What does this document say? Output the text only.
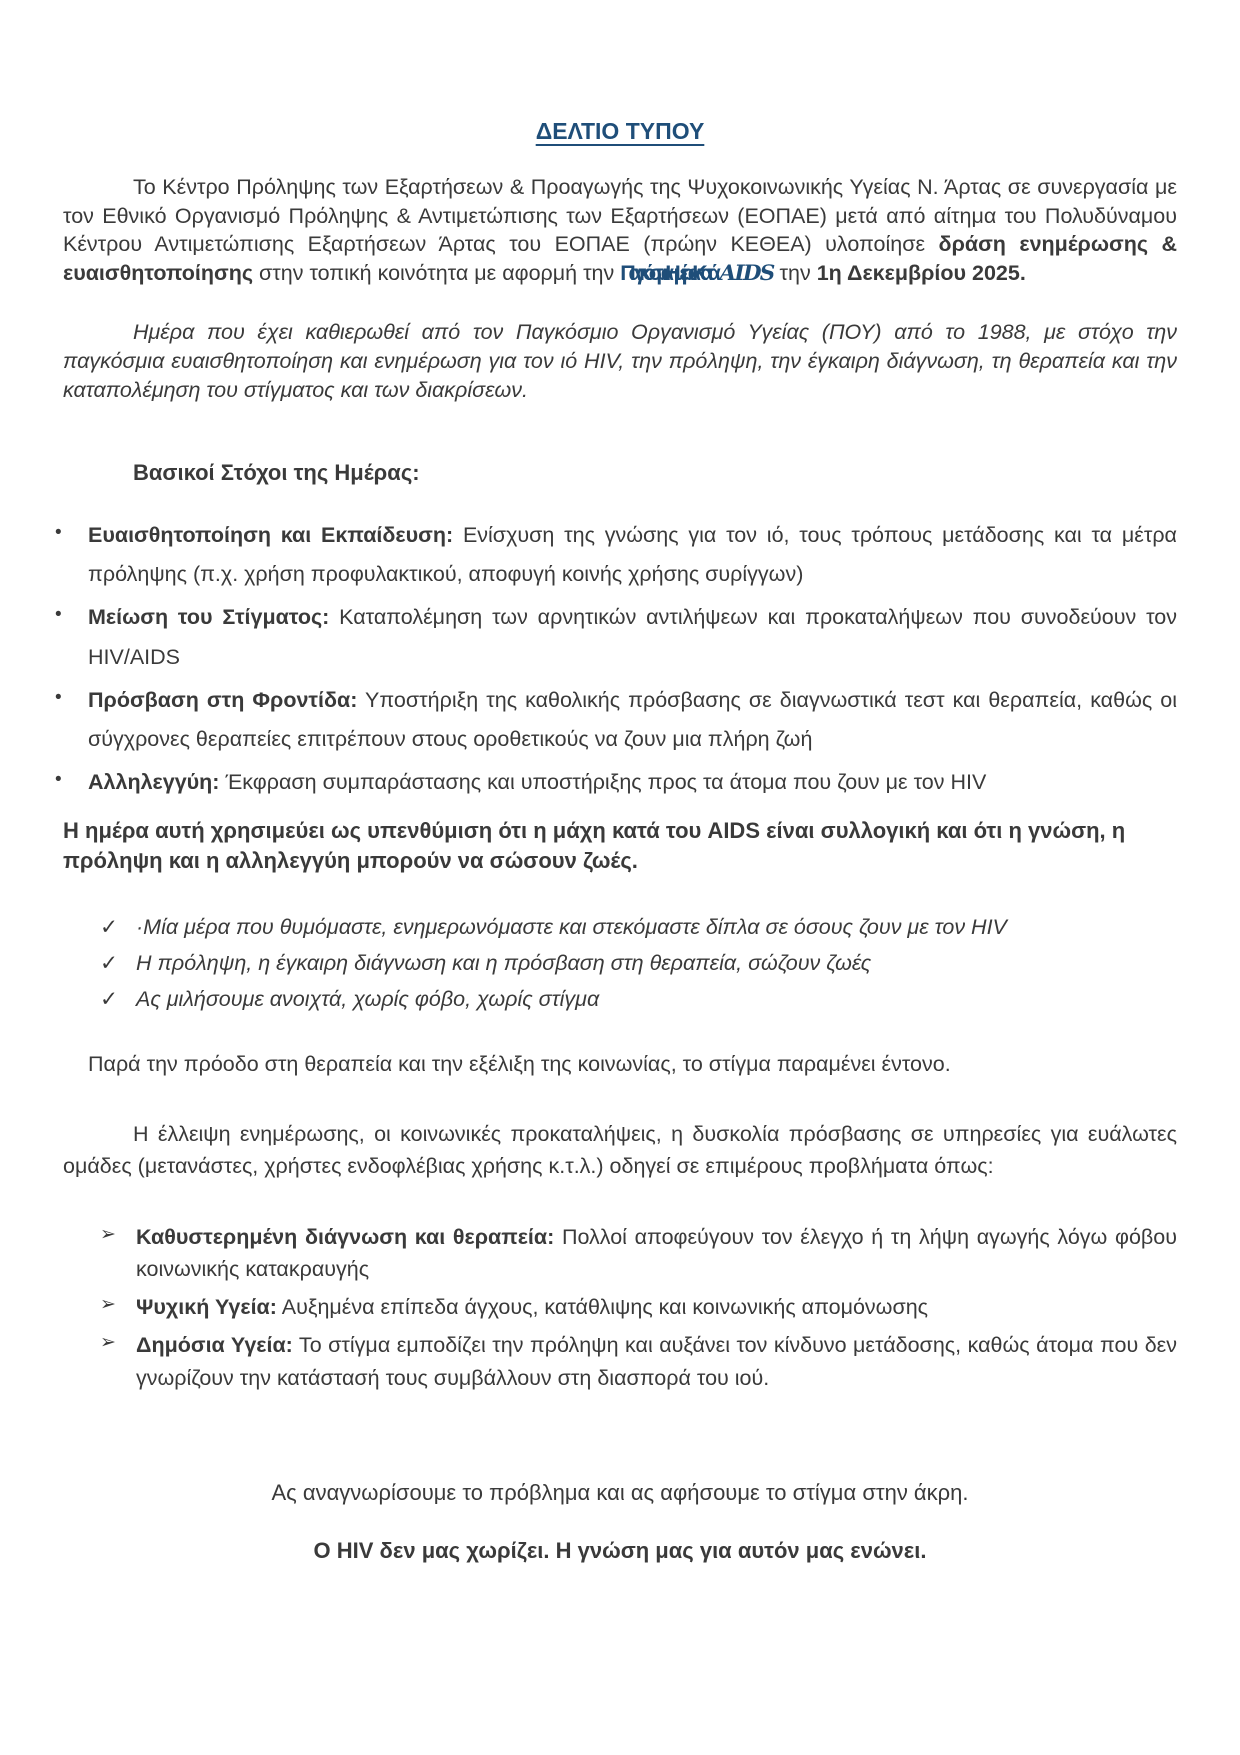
ΔΕΛΤΙΟ ΤΥΠΟΥ

Το Κέντρο Πρόληψης των Εξαρτήσεων & Προαγωγής της Ψυχοκοινωνικής Υγείας Ν. Άρτας σε συνεργασία με τον Εθνικό Οργανισμό Πρόληψης & Αντιμετώπισης των Εξαρτήσεων (ΕΟΠΑΕ) μετά από αίτημα του Πολυδύναμου Κέντρου Αντιμετώπισης Εξαρτήσεων Άρτας του ΕΟΠΑΕ (πρώην ΚΕΘΕΑ) υλοποίησε δράση ενημέρωσης & ευαισθητοποίησης στην τοπική κοινότητα με αφορμή την Παγκόσμια Ημέρα Κατά AIDS την 1η Δεκεμβρίου 2025.

Ημέρα που έχει καθιερωθεί από τον Παγκόσμιο Οργανισμό Υγείας (ΠΟΥ) από το 1988, με στόχο την παγκόσμια ευαισθητοποίηση και ενημέρωση για τον ιό HIV, την πρόληψη, την έγκαιρη διάγνωση, τη θεραπεία και την καταπολέμηση του στίγματος και των διακρίσεων.

Βασικοί Στόχοι της Ημέρας:
• Ευαισθητοποίηση και Εκπαίδευση: Ενίσχυση της γνώσης για τον ιό, τους τρόπους μετάδοσης και τα μέτρα πρόληψης (π.χ. χρήση προφυλακτικού, αποφυγή κοινής χρήσης συρίγγων)
• Μείωση του Στίγματος: Καταπολέμηση των αρνητικών αντιλήψεων και προκαταλήψεων που συνοδεύουν τον HIV/AIDS
• Πρόσβαση στη Φροντίδα: Υποστήριξη της καθολικής πρόσβασης σε διαγνωστικά τεστ και θεραπεία, καθώς οι σύγχρονες θεραπείες επιτρέπουν στους οροθετικούς να ζουν μια πλήρη ζωή
• Αλληλεγγύη: Έκφραση συμπαράστασης και υποστήριξης προς τα άτομα που ζουν με τον HIV

Η ημέρα αυτή χρησιμεύει ως υπενθύμιση ότι η μάχη κατά του AIDS είναι συλλογική και ότι η γνώση, η πρόληψη και η αλληλεγγύη μπορούν να σώσουν ζωές.

✓ ·Μία μέρα που θυμόμαστε, ενημερωνόμαστε και στεκόμαστε δίπλα σε όσους ζουν με τον HIV
✓ Η πρόληψη, η έγκαιρη διάγνωση και η πρόσβαση στη θεραπεία, σώζουν ζωές
✓ Ας μιλήσουμε ανοιχτά, χωρίς φόβο, χωρίς στίγμα

Παρά την πρόοδο στη θεραπεία και την εξέλιξη της κοινωνίας, το στίγμα παραμένει έντονο.

Η έλλειψη ενημέρωσης, οι κοινωνικές προκαταλήψεις, η δυσκολία πρόσβασης σε υπηρεσίες για ευάλωτες ομάδες (μετανάστες, χρήστες ενδοφλέβιας χρήσης κ.τ.λ.) οδηγεί σε επιμέρους προβλήματα όπως:

➢ Καθυστερημένη διάγνωση και θεραπεία: Πολλοί αποφεύγουν τον έλεγχο ή τη λήψη αγωγής λόγω φόβου κοινωνικής κατακραυγής
➢ Ψυχική Υγεία: Αυξημένα επίπεδα άγχους, κατάθλιψης και κοινωνικής απομόνωσης
➢ Δημόσια Υγεία: Το στίγμα εμποδίζει την πρόληψη και αυξάνει τον κίνδυνο μετάδοσης, καθώς άτομα που δεν γνωρίζουν την κατάστασή τους συμβάλλουν στη διασπορά του ιού.

Ας αναγνωρίσουμε το πρόβλημα και ας αφήσουμε το στίγμα στην άκρη.

Ο HIV δεν μας χωρίζει. Η γνώση μας για αυτόν μας ενώνει.
